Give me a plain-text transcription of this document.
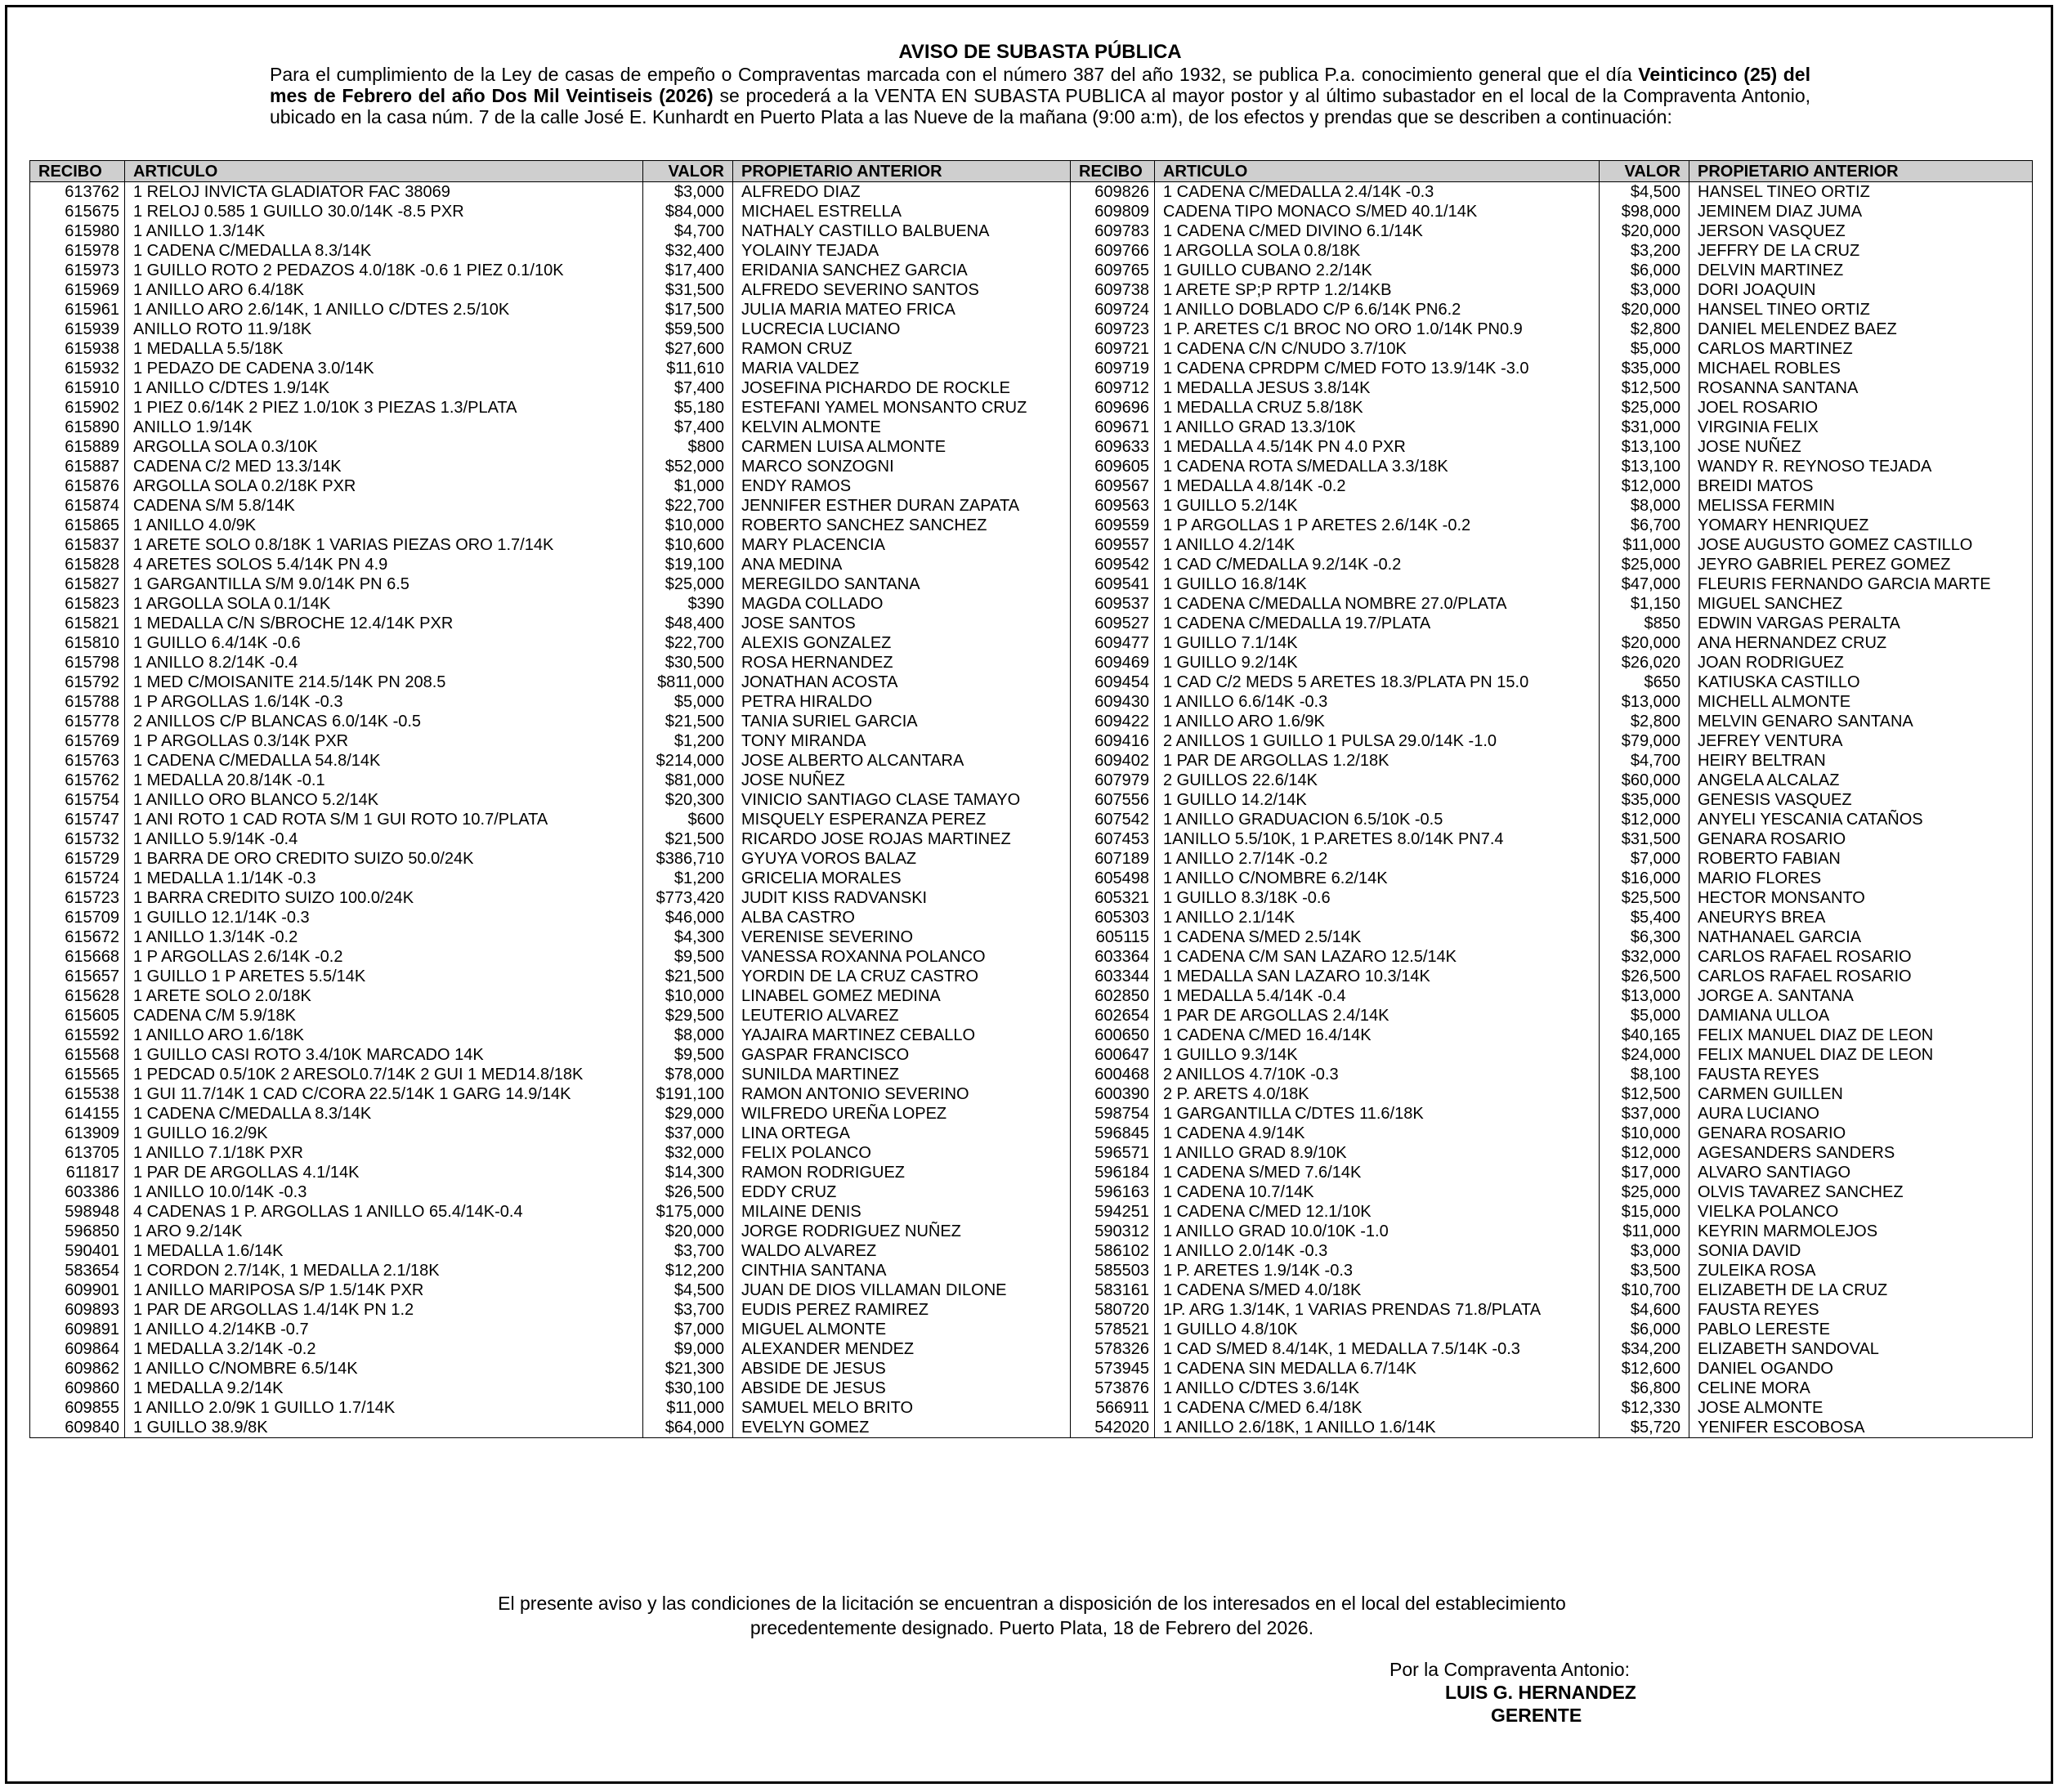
AVISO DE SUBASTA PÚBLICA
Para el cumplimiento de la Ley de casas de empeño o Compraventas marcada con el número 387 del año 1932, se publica P.a. conocimiento general que el día Veinticinco (25) del mes de Febrero del año Dos Mil Veintiseis (2026) se procederá a la VENTA EN SUBASTA PUBLICA al mayor postor y al último subastador en el local de la Compraventa Antonio, ubicado en la casa núm. 7 de la calle José E. Kunhardt en Puerto Plata a las Nueve de la mañana (9:00 a:m), de los efectos y prendas que se describen a continuación:
RECIBO	ARTICULO	VALOR	PROPIETARIO ANTERIOR	RECIBO	ARTICULO	VALOR	PROPIETARIO ANTERIOR
613762	1 RELOJ INVICTA GLADIATOR FAC 38069	$3,000	ALFREDO DIAZ	609826	1 CADENA C/MEDALLA 2.4/14K -0.3	$4,500	HANSEL TINEO ORTIZ
615675	1 RELOJ 0.585 1 GUILLO 30.0/14K -8.5 PXR	$84,000	MICHAEL ESTRELLA	609809	CADENA TIPO MONACO S/MED 40.1/14K	$98,000	JEMINEM DIAZ JUMA
615980	1 ANILLO 1.3/14K	$4,700	NATHALY CASTILLO BALBUENA	609783	1 CADENA C/MED DIVINO 6.1/14K	$20,000	JERSON VASQUEZ
615978	1 CADENA C/MEDALLA 8.3/14K	$32,400	YOLAINY TEJADA	609766	1 ARGOLLA SOLA 0.8/18K	$3,200	JEFFRY DE LA CRUZ
615973	1 GUILLO ROTO 2 PEDAZOS 4.0/18K -0.6 1 PIEZ 0.1/10K	$17,400	ERIDANIA SANCHEZ GARCIA	609765	1 GUILLO CUBANO 2.2/14K	$6,000	DELVIN MARTINEZ
615969	1 ANILLO ARO 6.4/18K	$31,500	ALFREDO SEVERINO SANTOS	609738	1 ARETE SP;P RPTP 1.2/14KB	$3,000	DORI JOAQUIN
615961	1 ANILLO ARO 2.6/14K, 1 ANILLO C/DTES 2.5/10K	$17,500	JULIA MARIA MATEO FRICA	609724	1 ANILLO DOBLADO C/P 6.6/14K PN6.2	$20,000	HANSEL TINEO ORTIZ
615939	ANILLO ROTO 11.9/18K	$59,500	LUCRECIA LUCIANO	609723	1 P. ARETES C/1 BROC NO ORO 1.0/14K PN0.9	$2,800	DANIEL MELENDEZ BAEZ
615938	1 MEDALLA 5.5/18K	$27,600	RAMON CRUZ	609721	1 CADENA C/N C/NUDO 3.7/10K	$5,000	CARLOS MARTINEZ
615932	1 PEDAZO DE CADENA 3.0/14K	$11,610	MARIA VALDEZ	609719	1 CADENA CPRDPM C/MED FOTO 13.9/14K -3.0	$35,000	MICHAEL ROBLES
615910	1 ANILLO C/DTES 1.9/14K	$7,400	JOSEFINA PICHARDO DE ROCKLE	609712	1 MEDALLA JESUS 3.8/14K	$12,500	ROSANNA SANTANA
615902	1 PIEZ 0.6/14K 2 PIEZ 1.0/10K 3 PIEZAS 1.3/PLATA	$5,180	ESTEFANI YAMEL MONSANTO CRUZ	609696	1 MEDALLA CRUZ 5.8/18K	$25,000	JOEL ROSARIO
615890	ANILLO 1.9/14K	$7,400	KELVIN ALMONTE	609671	1 ANILLO GRAD 13.3/10K	$31,000	VIRGINIA FELIX
615889	ARGOLLA SOLA 0.3/10K	$800	CARMEN LUISA ALMONTE	609633	1 MEDALLA 4.5/14K PN 4.0 PXR	$13,100	JOSE NUÑEZ
615887	CADENA C/2 MED 13.3/14K	$52,000	MARCO SONZOGNI	609605	1 CADENA ROTA S/MEDALLA 3.3/18K	$13,100	WANDY R. REYNOSO TEJADA
615876	ARGOLLA SOLA 0.2/18K PXR	$1,000	ENDY RAMOS	609567	1 MEDALLA 4.8/14K -0.2	$12,000	BREIDI MATOS
615874	CADENA S/M 5.8/14K	$22,700	JENNIFER ESTHER DURAN ZAPATA	609563	1 GUILLO 5.2/14K	$8,000	MELISSA FERMIN
615865	1 ANILLO 4.0/9K	$10,000	ROBERTO SANCHEZ SANCHEZ	609559	1 P ARGOLLAS 1 P ARETES 2.6/14K -0.2	$6,700	YOMARY HENRIQUEZ
615837	1 ARETE SOLO 0.8/18K 1 VARIAS PIEZAS ORO 1.7/14K	$10,600	MARY PLACENCIA	609557	1 ANILLO 4.2/14K	$11,000	JOSE AUGUSTO GOMEZ CASTILLO
615828	4 ARETES SOLOS 5.4/14K PN 4.9	$19,100	ANA MEDINA	609542	1 CAD C/MEDALLA 9.2/14K -0.2	$25,000	JEYRO GABRIEL PEREZ GOMEZ
615827	1 GARGANTILLA S/M 9.0/14K PN 6.5	$25,000	MEREGILDO SANTANA	609541	1 GUILLO 16.8/14K	$47,000	FLEURIS FERNANDO GARCIA MARTE
615823	1 ARGOLLA SOLA 0.1/14K	$390	MAGDA COLLADO	609537	1 CADENA C/MEDALLA NOMBRE 27.0/PLATA	$1,150	MIGUEL SANCHEZ
615821	1 MEDALLA C/N S/BROCHE 12.4/14K PXR	$48,400	JOSE SANTOS	609527	1 CADENA C/MEDALLA 19.7/PLATA	$850	EDWIN VARGAS PERALTA
615810	1 GUILLO 6.4/14K -0.6	$22,700	ALEXIS GONZALEZ	609477	1 GUILLO 7.1/14K	$20,000	ANA HERNANDEZ CRUZ
615798	1 ANILLO 8.2/14K -0.4	$30,500	ROSA HERNANDEZ	609469	1 GUILLO 9.2/14K	$26,020	JOAN RODRIGUEZ
615792	1 MED C/MOISANITE 214.5/14K PN 208.5	$811,000	JONATHAN ACOSTA	609454	1 CAD C/2 MEDS 5 ARETES 18.3/PLATA PN 15.0	$650	KATIUSKA CASTILLO
615788	1 P ARGOLLAS 1.6/14K -0.3	$5,000	PETRA HIRALDO	609430	1 ANILLO 6.6/14K -0.3	$13,000	MICHELL ALMONTE
615778	2 ANILLOS C/P BLANCAS 6.0/14K -0.5	$21,500	TANIA SURIEL GARCIA	609422	1 ANILLO ARO 1.6/9K	$2,800	MELVIN GENARO SANTANA
615769	1 P ARGOLLAS 0.3/14K PXR	$1,200	TONY MIRANDA	609416	2 ANILLOS 1 GUILLO 1 PULSA 29.0/14K -1.0	$79,000	JEFREY VENTURA
615763	1 CADENA C/MEDALLA 54.8/14K	$214,000	JOSE ALBERTO ALCANTARA	609402	1 PAR DE ARGOLLAS 1.2/18K	$4,700	HEIRY BELTRAN
615762	1 MEDALLA 20.8/14K -0.1	$81,000	JOSE NUÑEZ	607979	2 GUILLOS 22.6/14K	$60,000	ANGELA ALCALAZ
615754	1 ANILLO ORO BLANCO 5.2/14K	$20,300	VINICIO SANTIAGO CLASE TAMAYO	607556	1 GUILLO 14.2/14K	$35,000	GENESIS VASQUEZ
615747	1 ANI ROTO 1 CAD ROTA S/M 1 GUI ROTO 10.7/PLATA	$600	MISQUELY ESPERANZA PEREZ	607542	1 ANILLO GRADUACION 6.5/10K -0.5	$12,000	ANYELI YESCANIA CATAÑOS
615732	1 ANILLO 5.9/14K -0.4	$21,500	RICARDO JOSE ROJAS MARTINEZ	607453	1ANILLO 5.5/10K, 1 P.ARETES 8.0/14K PN7.4	$31,500	GENARA ROSARIO
615729	1 BARRA DE ORO CREDITO SUIZO 50.0/24K	$386,710	GYUYA VOROS BALAZ	607189	1 ANILLO 2.7/14K -0.2	$7,000	ROBERTO FABIAN
615724	1 MEDALLA 1.1/14K -0.3	$1,200	GRICELIA MORALES	605498	1 ANILLO C/NOMBRE 6.2/14K	$16,000	MARIO FLORES
615723	1 BARRA CREDITO SUIZO 100.0/24K	$773,420	JUDIT KISS RADVANSKI	605321	1 GUILLO 8.3/18K -0.6	$25,500	HECTOR MONSANTO
615709	1 GUILLO 12.1/14K -0.3	$46,000	ALBA CASTRO	605303	1 ANILLO 2.1/14K	$5,400	ANEURYS BREA
615672	1 ANILLO 1.3/14K -0.2	$4,300	VERENISE SEVERINO	605115	1 CADENA S/MED 2.5/14K	$6,300	NATHANAEL GARCIA
615668	1 P ARGOLLAS 2.6/14K -0.2	$9,500	VANESSA ROXANNA POLANCO	603364	1 CADENA C/M SAN LAZARO 12.5/14K	$32,000	CARLOS RAFAEL ROSARIO
615657	1 GUILLO 1 P ARETES 5.5/14K	$21,500	YORDIN DE LA CRUZ CASTRO	603344	1 MEDALLA SAN LAZARO 10.3/14K	$26,500	CARLOS RAFAEL ROSARIO
615628	1 ARETE SOLO 2.0/18K	$10,000	LINABEL GOMEZ MEDINA	602850	1 MEDALLA 5.4/14K -0.4	$13,000	JORGE A. SANTANA
615605	CADENA C/M 5.9/18K	$29,500	LEUTERIO ALVAREZ	602654	1 PAR DE ARGOLLAS 2.4/14K	$5,000	DAMIANA ULLOA
615592	1 ANILLO ARO 1.6/18K	$8,000	YAJAIRA MARTINEZ CEBALLO	600650	1 CADENA C/MED 16.4/14K	$40,165	FELIX MANUEL DIAZ DE LEON
615568	1 GUILLO CASI ROTO 3.4/10K MARCADO 14K	$9,500	GASPAR FRANCISCO	600647	1 GUILLO 9.3/14K	$24,000	FELIX MANUEL DIAZ DE LEON
615565	1 PEDCAD 0.5/10K 2 ARESOL0.7/14K 2 GUI 1 MED14.8/18K	$78,000	SUNILDA MARTINEZ	600468	2 ANILLOS 4.7/10K -0.3	$8,100	FAUSTA REYES
615538	1 GUI 11.7/14K 1 CAD C/CORA 22.5/14K 1 GARG 14.9/14K	$191,100	RAMON ANTONIO SEVERINO	600390	2 P. ARETS 4.0/18K	$12,500	CARMEN GUILLEN
614155	1 CADENA C/MEDALLA 8.3/14K	$29,000	WILFREDO UREÑA LOPEZ	598754	1 GARGANTILLA C/DTES 11.6/18K	$37,000	AURA LUCIANO
613909	1 GUILLO 16.2/9K	$37,000	LINA ORTEGA	596845	1 CADENA 4.9/14K	$10,000	GENARA ROSARIO
613705	1 ANILLO 7.1/18K PXR	$32,000	FELIX POLANCO	596571	1 ANILLO GRAD 8.9/10K	$12,000	AGESANDERS SANDERS
611817	1 PAR DE ARGOLLAS 4.1/14K	$14,300	RAMON RODRIGUEZ	596184	1 CADENA S/MED 7.6/14K	$17,000	ALVARO SANTIAGO
603386	1 ANILLO 10.0/14K -0.3	$26,500	EDDY CRUZ	596163	1 CADENA 10.7/14K	$25,000	OLVIS TAVAREZ SANCHEZ
598948	4 CADENAS 1 P. ARGOLLAS 1 ANILLO 65.4/14K-0.4	$175,000	MILAINE DENIS	594251	1 CADENA C/MED 12.1/10K	$15,000	VIELKA POLANCO
596850	1 ARO 9.2/14K	$20,000	JORGE RODRIGUEZ NUÑEZ	590312	1 ANILLO GRAD 10.0/10K -1.0	$11,000	KEYRIN MARMOLEJOS
590401	1 MEDALLA 1.6/14K	$3,700	WALDO ALVAREZ	586102	1 ANILLO 2.0/14K -0.3	$3,000	SONIA DAVID
583654	1 CORDON 2.7/14K, 1 MEDALLA 2.1/18K	$12,200	CINTHIA SANTANA	585503	1 P. ARETES 1.9/14K -0.3	$3,500	ZULEIKA ROSA
609901	1 ANILLO MARIPOSA S/P 1.5/14K PXR	$4,500	JUAN DE DIOS VILLAMAN DILONE	583161	1 CADENA S/MED 4.0/18K	$10,700	ELIZABETH DE LA CRUZ
609893	1 PAR DE ARGOLLAS 1.4/14K PN 1.2	$3,700	EUDIS PEREZ RAMIREZ	580720	1P. ARG 1.3/14K, 1 VARIAS PRENDAS 71.8/PLATA	$4,600	FAUSTA REYES
609891	1 ANILLO 4.2/14KB -0.7	$7,000	MIGUEL ALMONTE	578521	1 GUILLO 4.8/10K	$6,000	PABLO LERESTE
609864	1 MEDALLA 3.2/14K -0.2	$9,000	ALEXANDER MENDEZ	578326	1 CAD S/MED 8.4/14K, 1 MEDALLA 7.5/14K -0.3	$34,200	ELIZABETH SANDOVAL
609862	1 ANILLO C/NOMBRE 6.5/14K	$21,300	ABSIDE DE JESUS	573945	1 CADENA SIN MEDALLA 6.7/14K	$12,600	DANIEL OGANDO
609860	1 MEDALLA 9.2/14K	$30,100	ABSIDE DE JESUS	573876	1 ANILLO C/DTES 3.6/14K	$6,800	CELINE MORA
609855	1 ANILLO 2.0/9K 1 GUILLO 1.7/14K	$11,000	SAMUEL MELO BRITO	566911	1 CADENA C/MED 6.4/18K	$12,330	JOSE ALMONTE
609840	1 GUILLO 38.9/8K	$64,000	EVELYN GOMEZ	542020	1 ANILLO 2.6/18K, 1 ANILLO 1.6/14K	$5,720	YENIFER ESCOBOSA
El presente aviso y las condiciones de la licitación se encuentran a disposición de los interesados en el local del establecimiento precedentemente designado. Puerto Plata, 18 de Febrero del 2026.
Por la Compraventa Antonio:
LUIS G. HERNANDEZ
GERENTE
